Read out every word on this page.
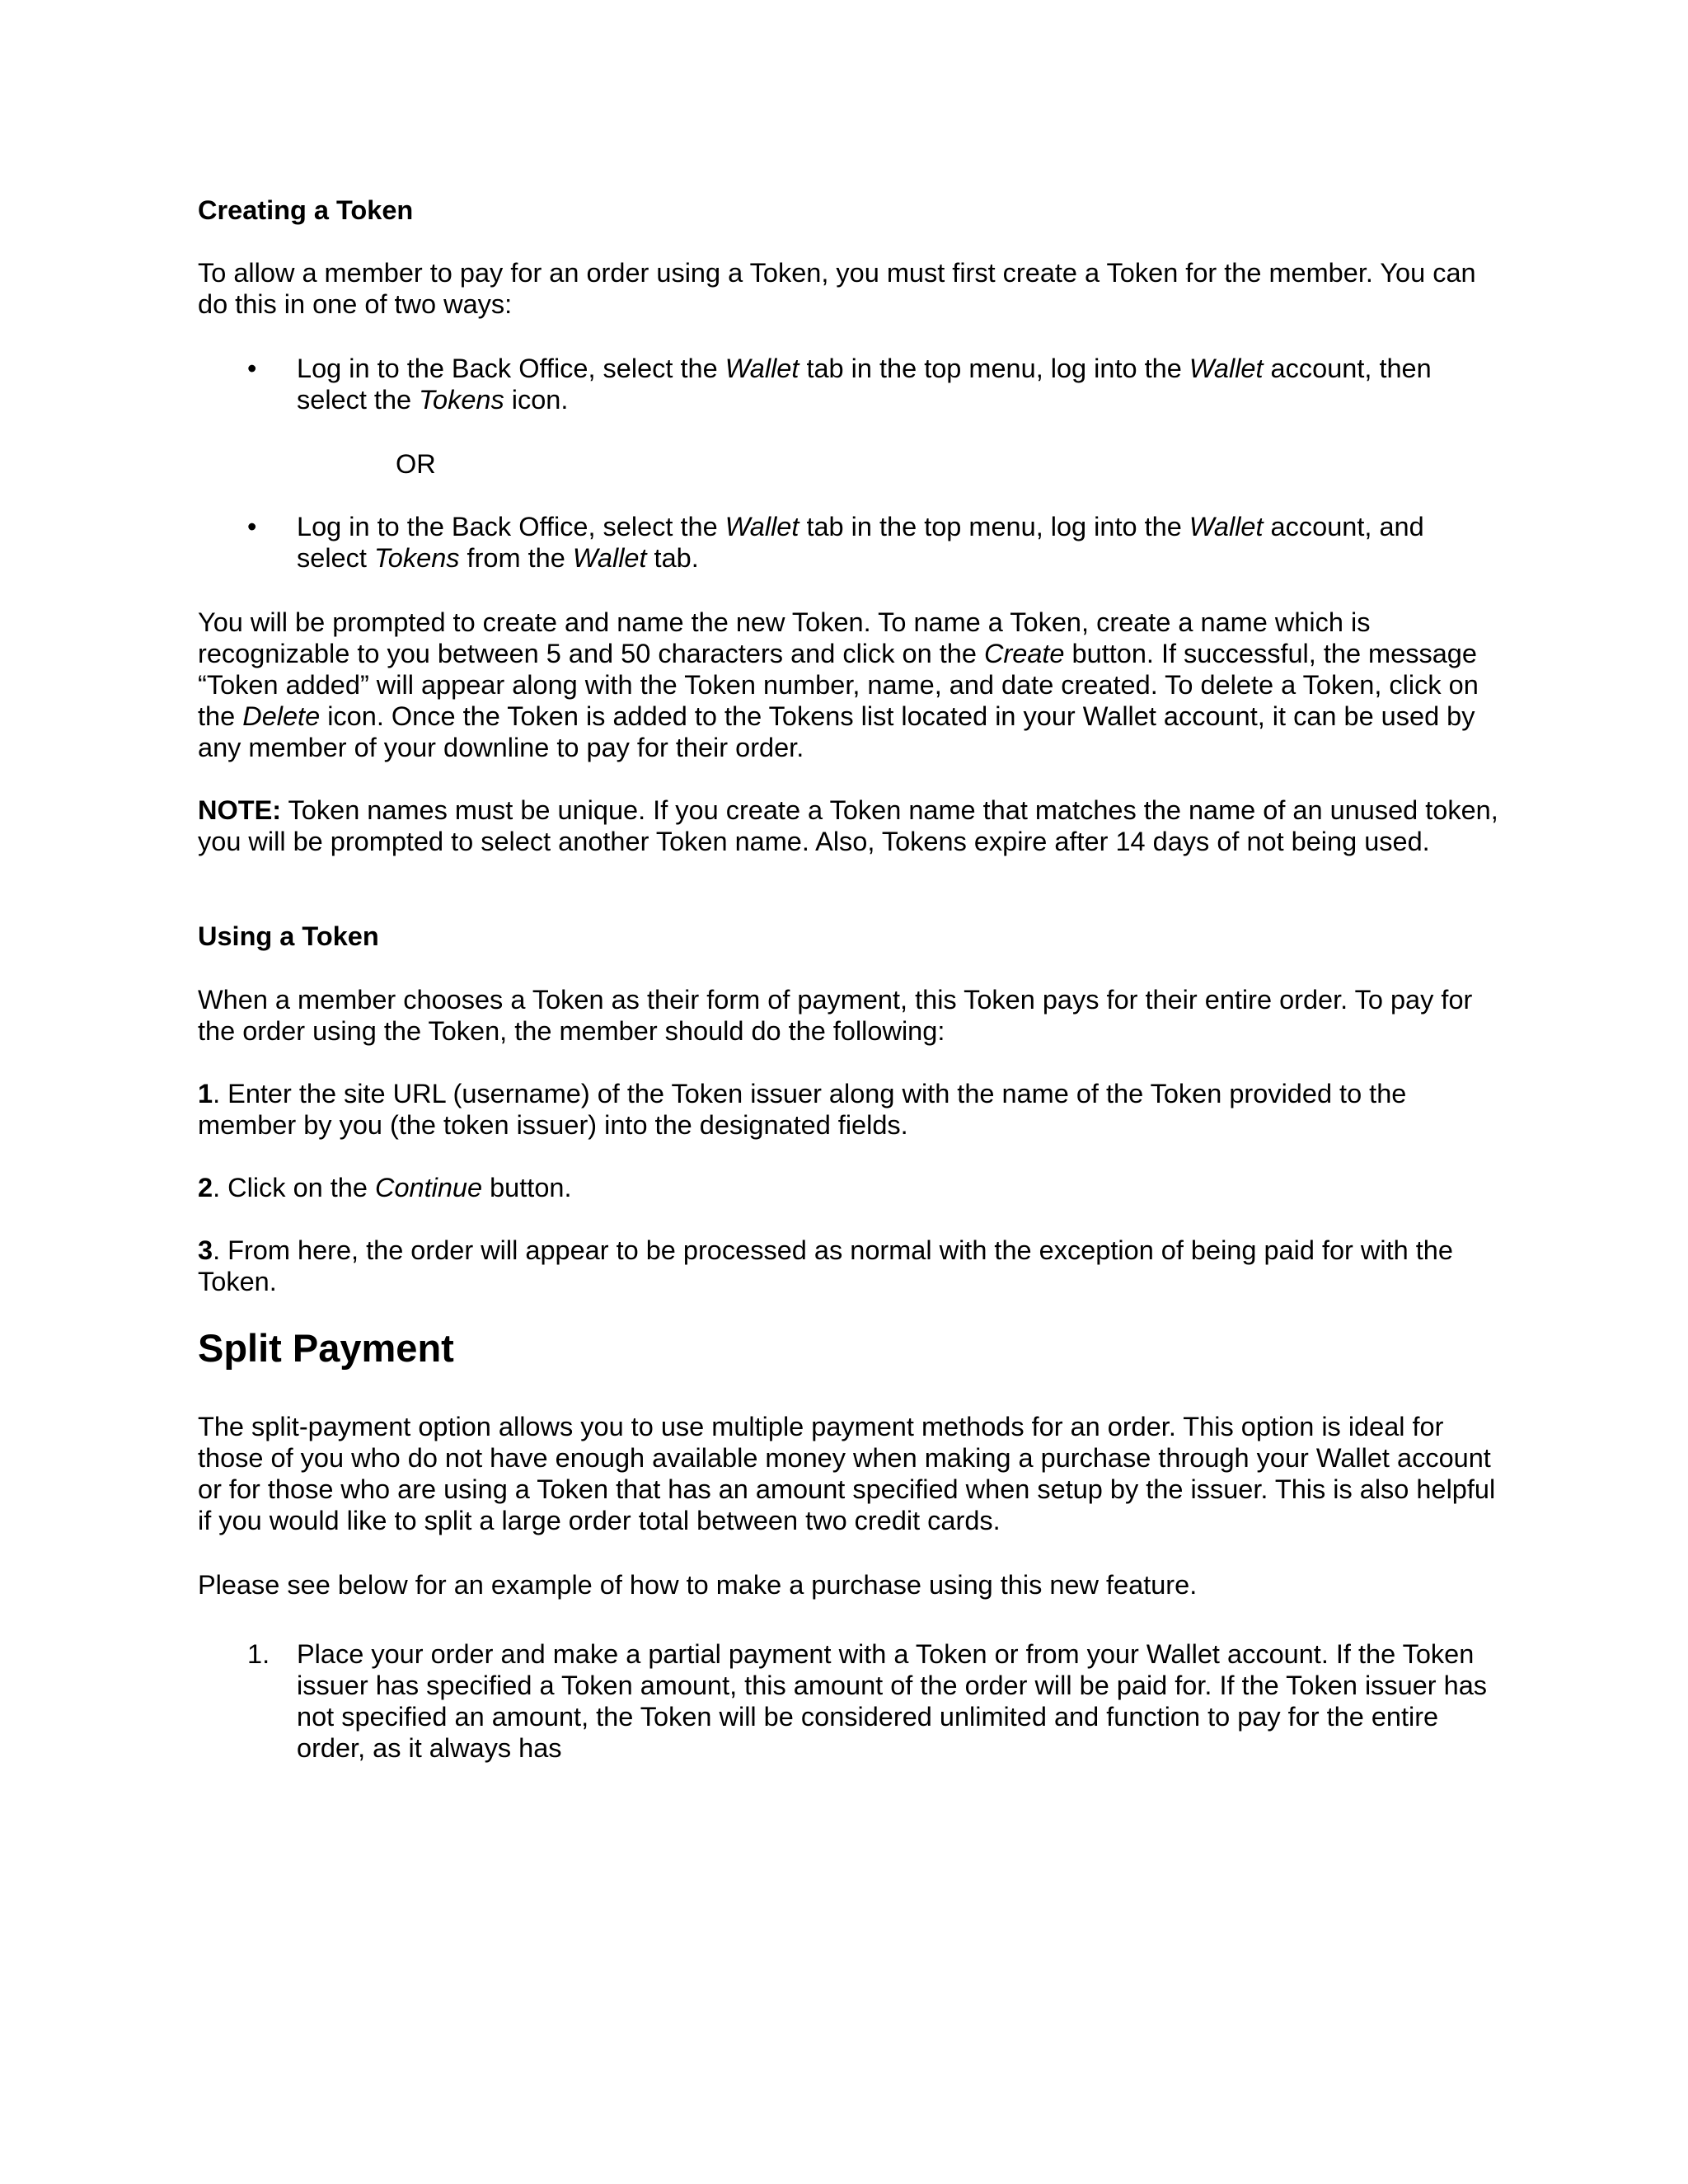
Creating a Token

To allow a member to pay for an order using a Token, you must first create a Token for the member. You can do this in one of two ways:

•	Log in to the Back Office, select the Wallet tab in the top menu, log into the Wallet account, then select the Tokens icon.

OR
•	Log in to the Back Office, select the Wallet tab in the top menu, log into the Wallet account, and select Tokens from the Wallet tab.

You will be prompted to create and name the new Token. To name a Token, create a name which is recognizable to you between 5 and 50 characters and click on the Create button. If successful, the message “Token added” will appear along with the Token number, name, and date created. To delete a Token, click on the Delete icon. Once the Token is added to the Tokens list located in your Wallet account, it can be used by any member of your downline to pay for their order.

NOTE: Token names must be unique. If you create a Token name that matches the name of an unused token, you will be prompted to select another Token name. Also, Tokens expire after 14 days of not being used.

Using a Token

When a member chooses a Token as their form of payment, this Token pays for their entire order. To pay for the order using the Token, the member should do the following:

1. Enter the site URL (username) of the Token issuer along with the name of the Token provided to the member by you (the token issuer) into the designated fields.

2. Click on the Continue button.

3. From here, the order will appear to be processed as normal with the exception of being paid for with the Token.

Split Payment

The split-payment option allows you to use multiple payment methods for an order. This option is ideal for those of you who do not have enough available money when making a purchase through your Wallet account or for those who are using a Token that has an amount specified when setup by the issuer. This is also helpful if you would like to split a large order total between two credit cards.

Please see below for an example of how to make a purchase using this new feature.

1.	Place your order and make a partial payment with a Token or from your Wallet account. If the Token issuer has specified a Token amount, this amount of the order will be paid for. If the Token issuer has not specified an amount, the Token will be considered unlimited and function to pay for the entire order, as it always has
